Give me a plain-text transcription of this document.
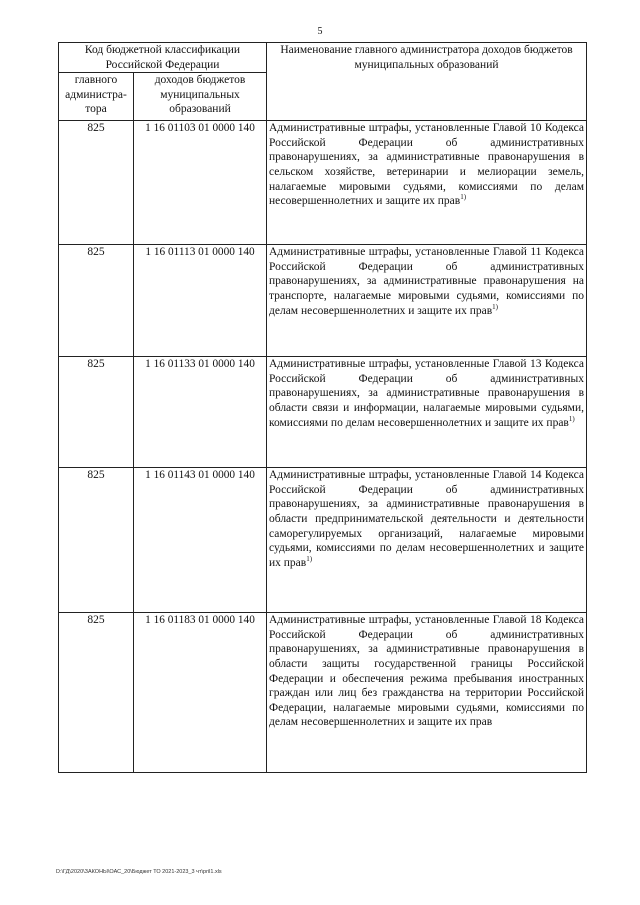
5
Код бюджетной классификации Российской Федерации		Наименование главного администратора доходов бюджетов муниципальных образований
главного администра-тора	доходов бюджетов муниципальных образований	
825	1 16 01103 01 0000 140	Административные штрафы, установленные Главой 10 Кодекса Российской Федерации об административных правонарушениях, за административные правонарушения в сельском хозяйстве, ветеринарии и мелиорации земель, налагаемые мировыми судьями, комиссиями по делам несовершеннолетних и защите их прав$^{1)}$
825	1 16 01113 01 0000 140	Административные штрафы, установленные Главой 11 Кодекса Российской Федерации об административных правонарушениях, за административные правонарушения на транспорте, налагаемые мировыми судьями, комиссиями по делам несовершеннолетних и защите их прав$^{1)}$
825	1 16 01133 01 0000 140	Административные штрафы, установленные Главой 13 Кодекса Российской Федерации об административных правонарушениях, за административные правонарушения в области связи и информации, налагаемые мировыми судьями, комиссиями по делам несовершеннолетних и защите их прав$^{1)}$
825	1 16 01143 01 0000 140	Административные штрафы, установленные Главой 14 Кодекса Российской Федерации об административных правонарушениях, за административные правонарушения в области предпринимательской деятельности и деятельности саморегулируемых организаций, налагаемые мировыми судьями, комиссиями по делам несовершеннолетних и защите их прав$^{1)}$
825	1 16 01183 01 0000 140	Административные штрафы, установленные Главой 18 Кодекса Российской Федерации об административных правонарушениях, за административные правонарушения в области защиты государственной границы Российской Федерации и обеспечения режима пребывания иностранных граждан или лиц без гражданства на территории Российской Федерации, налагаемые мировыми судьями, комиссиями по делам несовершеннолетних и защите их прав
D:\ГД\2020\ЗАКОНЫ\ОАС_20\Бюджет ТО 2021-2023_3 чт\pril1.xls
